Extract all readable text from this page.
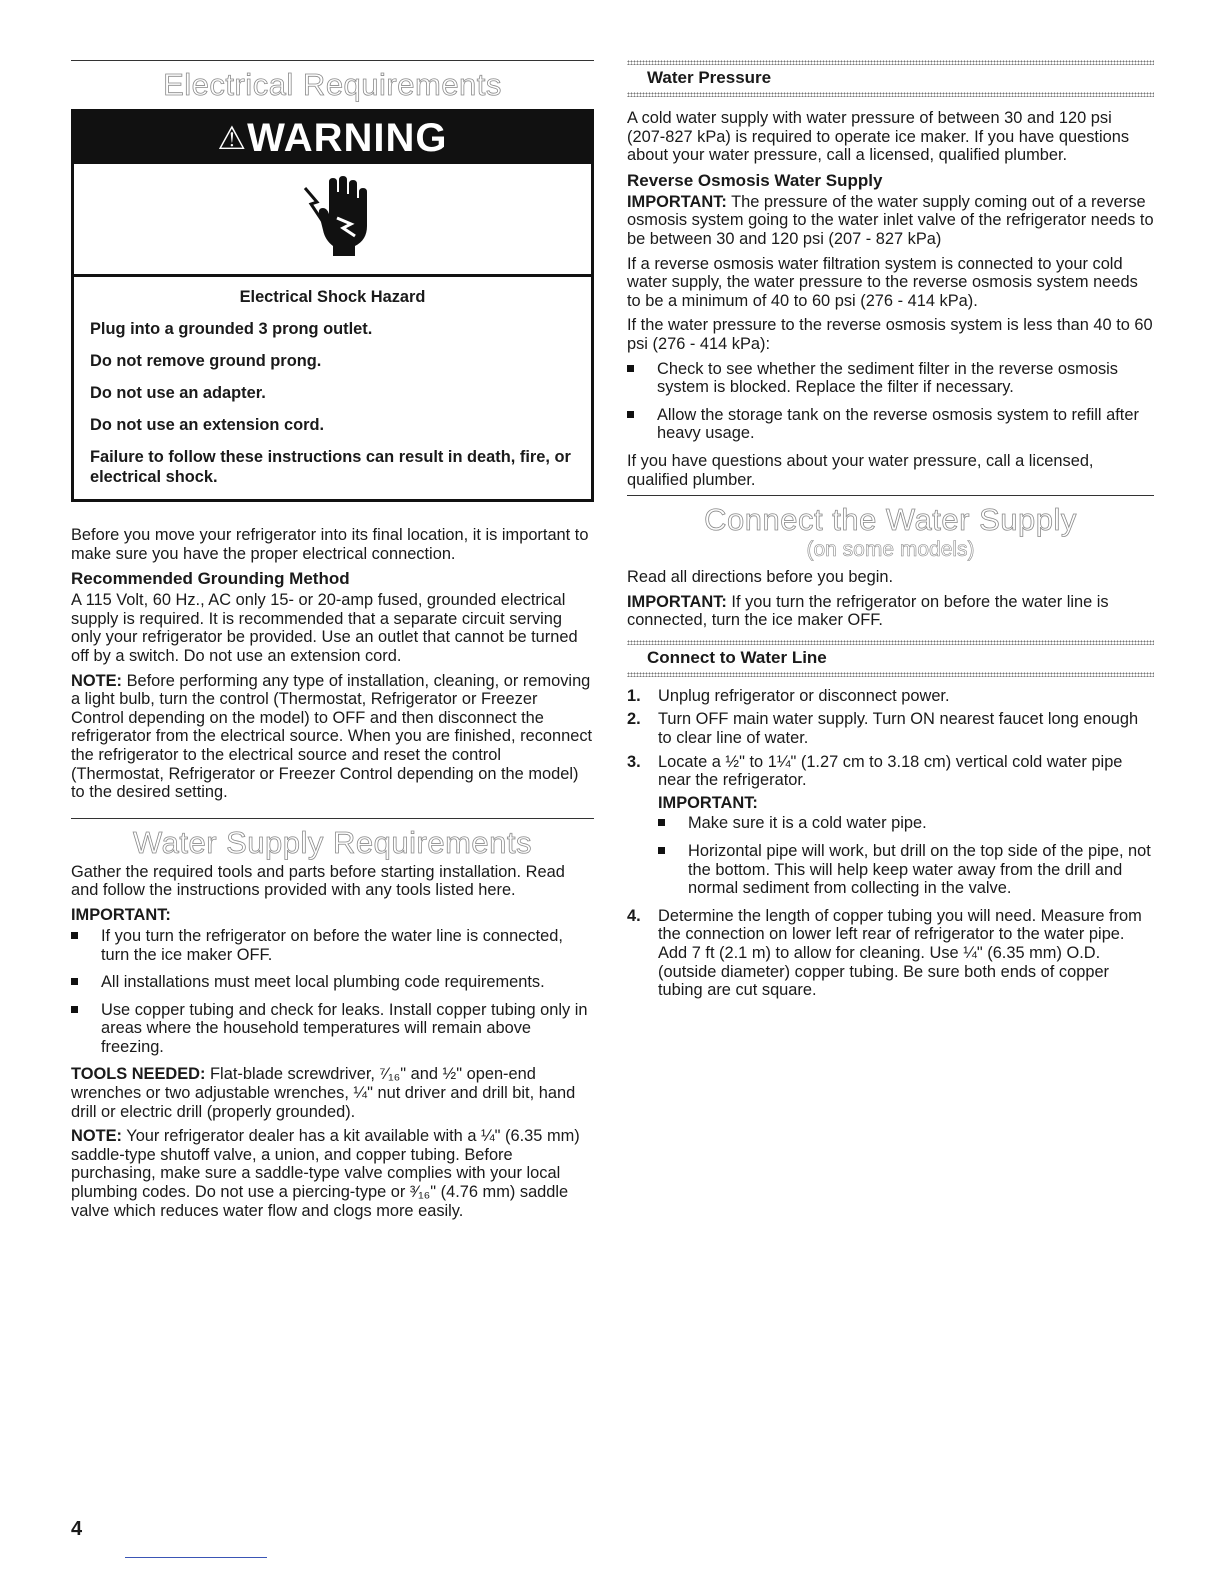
Electrical Requirements
⚠WARNING
Electrical Shock Hazard
Plug into a grounded 3 prong outlet.
Do not remove ground prong.
Do not use an adapter.
Do not use an extension cord.
Failure to follow these instructions can result in death, fire, or electrical shock.

Before you move your refrigerator into its final location, it is important to make sure you have the proper electrical connection.

Recommended Grounding Method

A 115 Volt, 60 Hz., AC only 15- or 20-amp fused, grounded electrical supply is required. It is recommended that a separate circuit serving only your refrigerator be provided. Use an outlet that cannot be turned off by a switch. Do not use an extension cord.

NOTE: Before performing any type of installation, cleaning, or removing a light bulb, turn the control (Thermostat, Refrigerator or Freezer Control depending on the model) to OFF and then disconnect the refrigerator from the electrical source. When you are finished, reconnect the refrigerator to the electrical source and reset the control (Thermostat, Refrigerator or Freezer Control depending on the model) to the desired setting.

Water Supply Requirements

Gather the required tools and parts before starting installation. Read and follow the instructions provided with any tools listed here.

IMPORTANT:
If you turn the refrigerator on before the water line is connected, turn the ice maker OFF.
All installations must meet local plumbing code requirements.
Use copper tubing and check for leaks. Install copper tubing only in areas where the household temperatures will remain above freezing.

TOOLS NEEDED: Flat-blade screwdriver, ⁷⁄₁₆" and ½" open-end wrenches or two adjustable wrenches, ¼" nut driver and drill bit, hand drill or electric drill (properly grounded).

NOTE: Your refrigerator dealer has a kit available with a ¼" (6.35 mm) saddle-type shutoff valve, a union, and copper tubing. Before purchasing, make sure a saddle-type valve complies with your local plumbing codes. Do not use a piercing-type or ³⁄₁₆" (4.76 mm) saddle valve which reduces water flow and clogs more easily.

Water Pressure

A cold water supply with water pressure of between 30 and 120 psi (207-827 kPa) is required to operate ice maker. If you have questions about your water pressure, call a licensed, qualified plumber.

Reverse Osmosis Water Supply

IMPORTANT: The pressure of the water supply coming out of a reverse osmosis system going to the water inlet valve of the refrigerator needs to be between 30 and 120 psi (207 - 827 kPa)

If a reverse osmosis water filtration system is connected to your cold water supply, the water pressure to the reverse osmosis system needs to be a minimum of 40 to 60 psi (276 - 414 kPa).

If the water pressure to the reverse osmosis system is less than 40 to 60 psi (276 - 414 kPa):

Check to see whether the sediment filter in the reverse osmosis system is blocked. Replace the filter if necessary.
Allow the storage tank on the reverse osmosis system to refill after heavy usage.

If you have questions about your water pressure, call a licensed, qualified plumber.

Connect the Water Supply
(on some models)

Read all directions before you begin.

IMPORTANT: If you turn the refrigerator on before the water line is connected, turn the ice maker OFF.

Connect to Water Line
1. Unplug refrigerator or disconnect power.
2. Turn OFF main water supply. Turn ON nearest faucet long enough to clear line of water.
3. Locate a ½" to 1¼" (1.27 cm to 3.18 cm) vertical cold water pipe near the refrigerator.
IMPORTANT:
Make sure it is a cold water pipe.
Horizontal pipe will work, but drill on the top side of the pipe, not the bottom. This will help keep water away from the drill and normal sediment from collecting in the valve.
4. Determine the length of copper tubing you will need. Measure from the connection on lower left rear of refrigerator to the water pipe. Add 7 ft (2.1 m) to allow for cleaning. Use ¼" (6.35 mm) O.D. (outside diameter) copper tubing. Be sure both ends of copper tubing are cut square.
4
